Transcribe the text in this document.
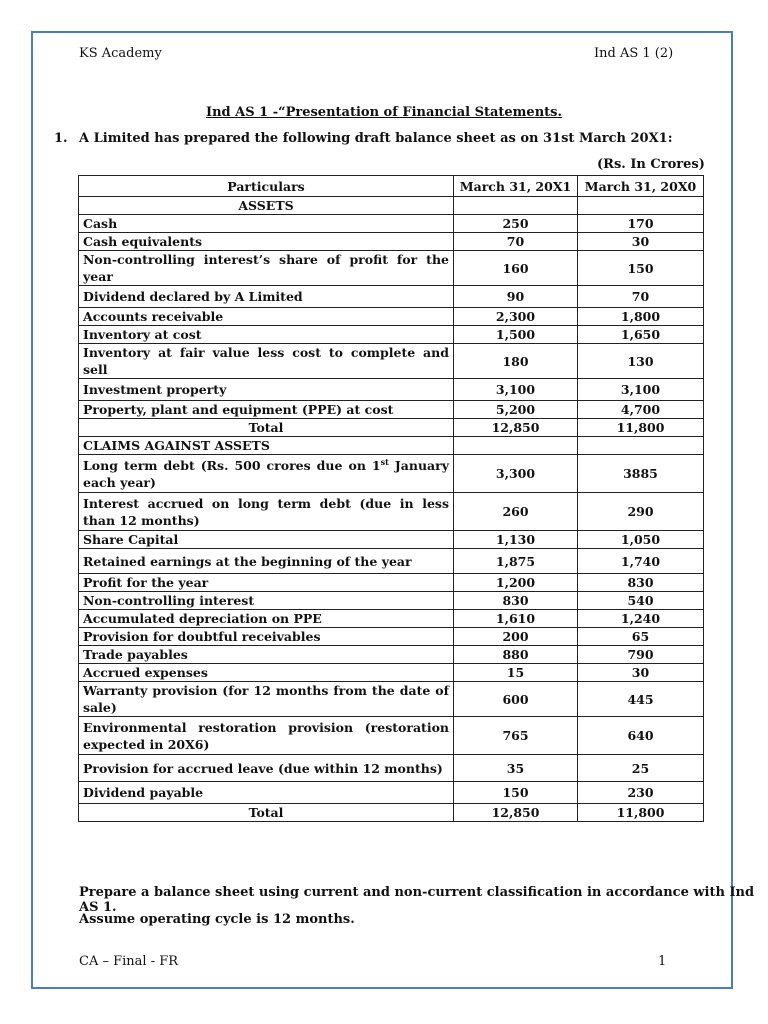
KS Academy	Ind AS 1 (2)
Ind AS 1 -“Presentation of Financial Statements.
1. A Limited has prepared the following draft balance sheet as on 31st March 20X1:
(Rs. In Crores)
Particulars	March 31, 20X1	March 31, 20X0
ASSETS		
Cash	250	170
Cash equivalents	70	30
Non-controlling interest’s share of profit for the year	160	150
Dividend declared by A Limited	90	70
Accounts receivable	2,300	1,800
Inventory at cost	1,500	1,650
Inventory at fair value less cost to complete and sell	180	130
Investment property	3,100	3,100
Property, plant and equipment (PPE) at cost	5,200	4,700
Total	12,850	11,800
CLAIMS AGAINST ASSETS		
Long term debt (Rs. 500 crores due on 1st January each year)	3,300	3885
Interest accrued on long term debt (due in less than 12 months)	260	290
Share Capital	1,130	1,050
Retained earnings at the beginning of the year	1,875	1,740
Profit for the year	1,200	830
Non-controlling interest	830	540
Accumulated depreciation on PPE	1,610	1,240
Provision for doubtful receivables	200	65
Trade payables	880	790
Accrued expenses	15	30
Warranty provision (for 12 months from the date of sale)	600	445
Environmental restoration provision (restoration expected in 20X6)	765	640
Provision for accrued leave (due within 12 months)	35	25
Dividend payable	150	230
Total	12,850	11,800
Prepare a balance sheet using current and non-current classification in accordance with Ind AS 1.
Assume operating cycle is 12 months.
CA – Final - FR	1
